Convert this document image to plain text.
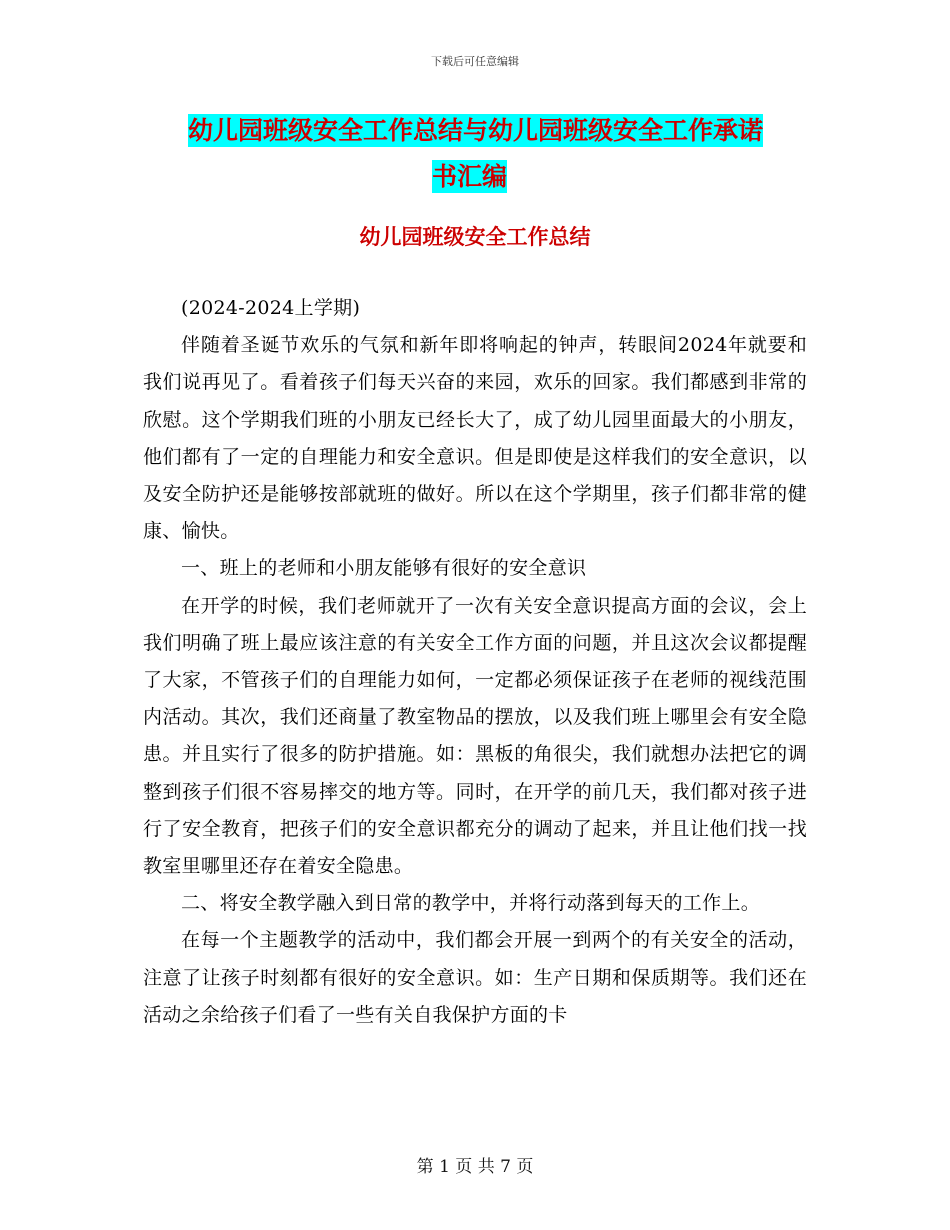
下载后可任意编辑
幼儿园班级安全工作总结与幼儿园班级安全工作承诺
书汇编
幼儿园班级安全工作总结

(2024-2024上学期)

伴随着圣诞节欢乐的气氛和新年即将响起的钟声，转眼间2024年就要和我们说再见了。看着孩子们每天兴奋的来园，欢乐的回家。我们都感到非常的欣慰。这个学期我们班的小朋友已经长大了，成了幼儿园里面最大的小朋友，他们都有了一定的自理能力和安全意识。但是即使是这样我们的安全意识，以及安全防护还是能够按部就班的做好。所以在这个学期里，孩子们都非常的健康、愉快。

一、班上的老师和小朋友能够有很好的安全意识

在开学的时候，我们老师就开了一次有关安全意识提高方面的会议，会上我们明确了班上最应该注意的有关安全工作方面的问题，并且这次会议都提醒了大家，不管孩子们的自理能力如何，一定都必须保证孩子在老师的视线范围内活动。其次，我们还商量了教室物品的摆放，以及我们班上哪里会有安全隐患。并且实行了很多的防护措施。如：黑板的角很尖，我们就想办法把它的调整到孩子们很不容易摔交的地方等。同时，在开学的前几天，我们都对孩子进行了安全教育，把孩子们的安全意识都充分的调动了起来，并且让他们找一找教室里哪里还存在着安全隐患。

二、将安全教学融入到日常的教学中，并将行动落到每天的工作上。

在每一个主题教学的活动中，我们都会开展一到两个的有关安全的活动，注意了让孩子时刻都有很好的安全意识。如：生产日期和保质期等。我们还在活动之余给孩子们看了一些有关自我保护方面的卡

第 1 页 共 7 页
